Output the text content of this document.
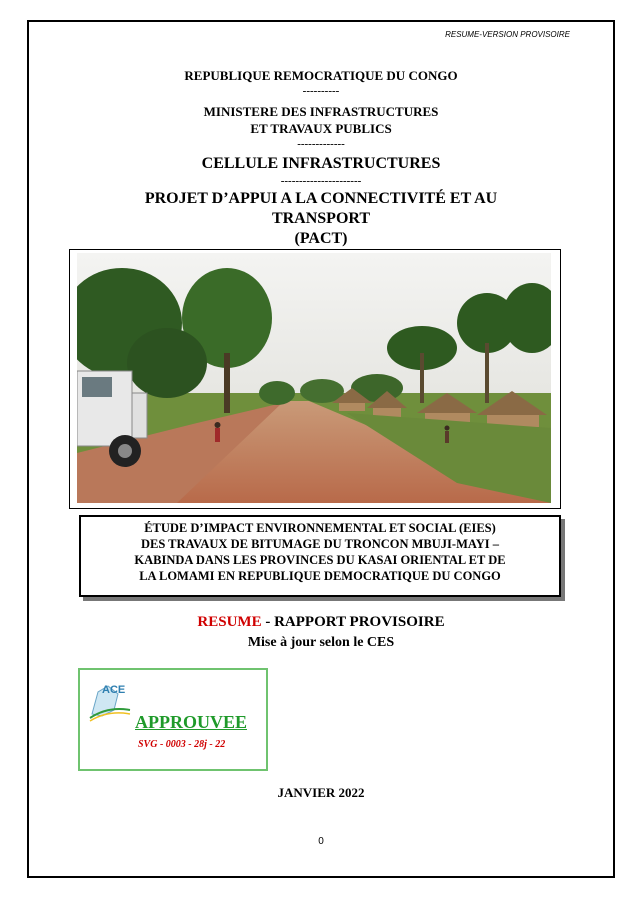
RESUME-VERSION PROVISOIRE
REPUBLIQUE REMOCRATIQUE DU CONGO
----------
MINISTERE DES INFRASTRUCTURES
ET TRAVAUX PUBLICS
-------------
CELLULE INFRASTRUCTURES
----------------------
PROJET D’APPUI A LA CONNECTIVITÉ ET AU
TRANSPORT
(PACT)
ÉTUDE D’IMPACT ENVIRONNEMENTAL ET SOCIAL (EIES)
DES TRAVAUX DE BITUMAGE DU TRONCON MBUJI-MAYI –
KABINDA DANS LES PROVINCES DU KASAI ORIENTAL ET DE
LA LOMAMI EN REPUBLIQUE DEMOCRATIQUE DU CONGO
RESUME - RAPPORT PROVISOIRE
Mise à jour selon le CES
ACE
APPROUVEE
SVG - 0003 - 28j - 22
JANVIER 2022
0
